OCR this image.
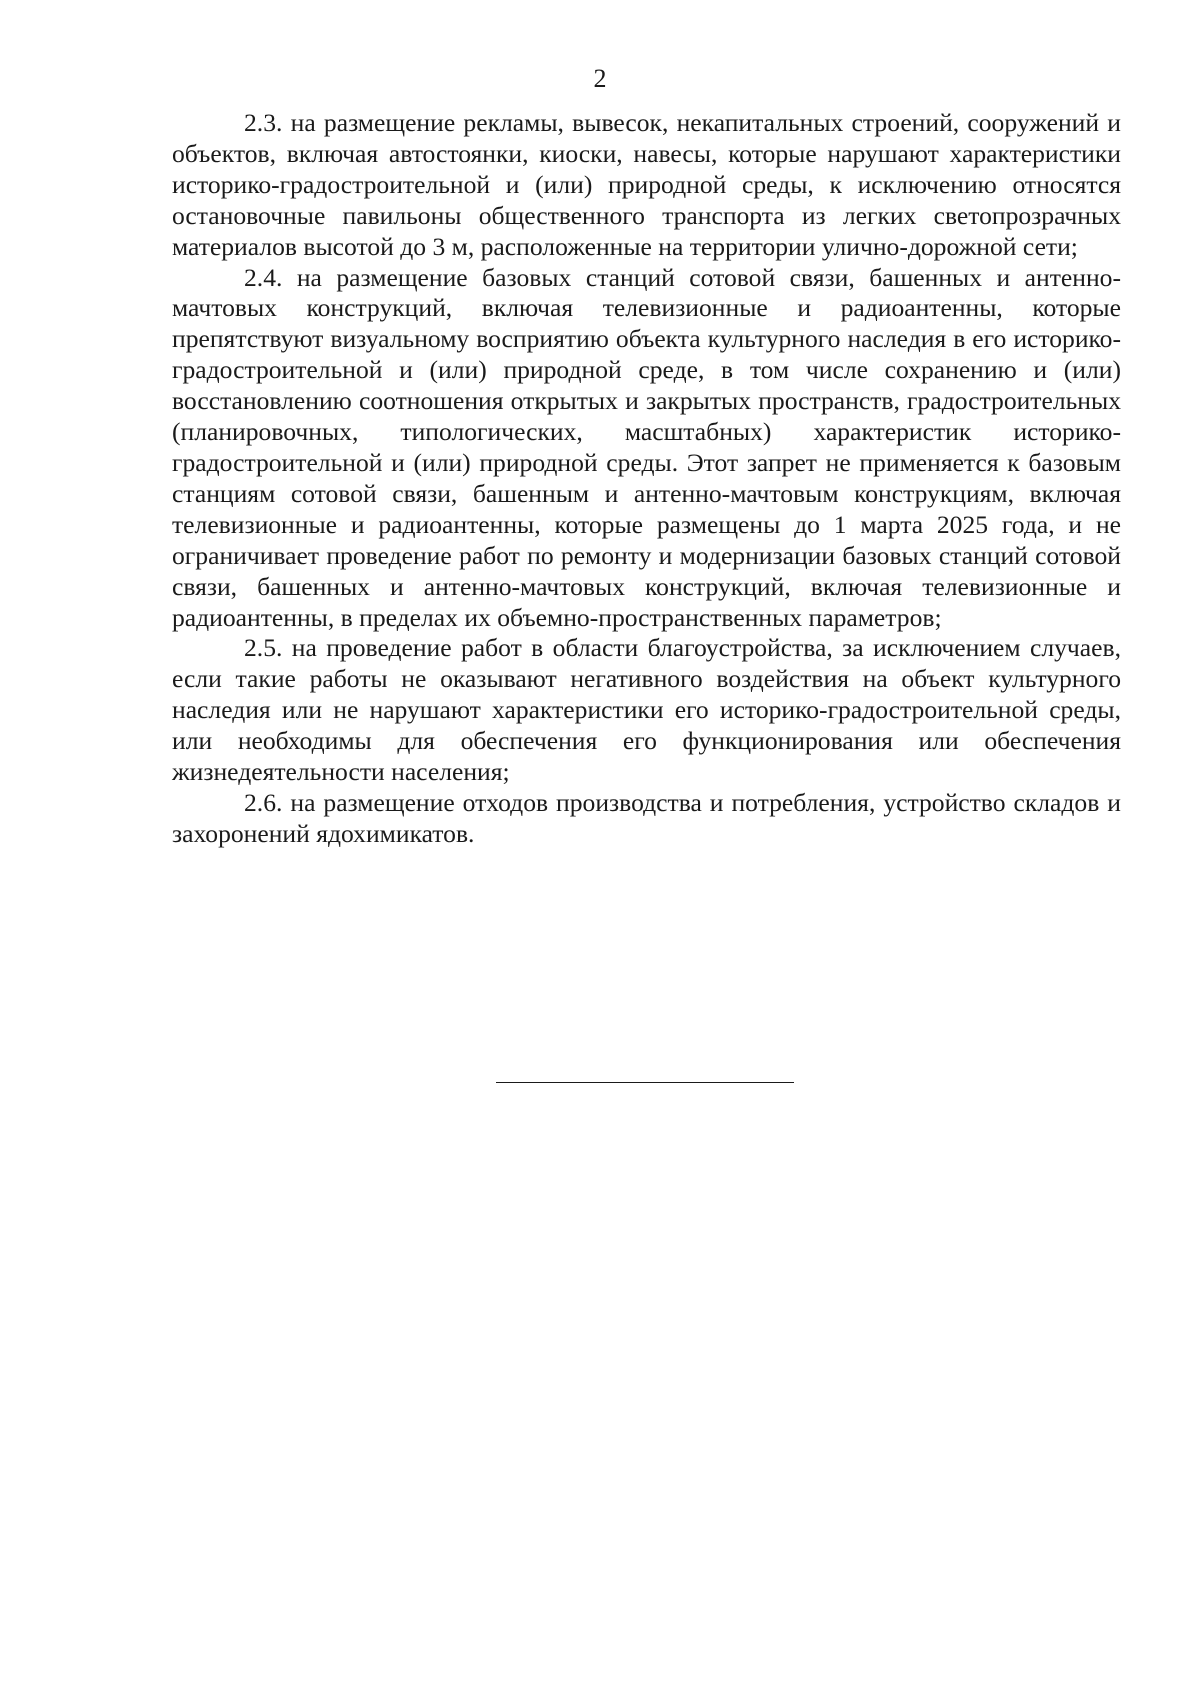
2

2.3. на размещение рекламы, вывесок, некапитальных строений, сооружений и объектов, включая автостоянки, киоски, навесы, которые нарушают характеристики историко-градостроительной и (или) природной среды, к исключению относятся остановочные павильоны общественного транспорта из легких светопрозрачных материалов высотой до 3 м, расположенные на территории улично-дорожной сети;

2.4. на размещение базовых станций сотовой связи, башенных и антенно-мачтовых конструкций, включая телевизионные и радиоантенны, которые препятствуют визуальному восприятию объекта культурного наследия в его историко-градостроительной и (или) природной среде, в том числе сохранению и (или) восстановлению соотношения открытых и закрытых пространств, градостроительных (планировочных, типологических, масштабных) характеристик историко-градостроительной и (или) природной среды. Этот запрет не применяется к базовым станциям сотовой связи, башенным и антенно-мачтовым конструкциям, включая телевизионные и радиоантенны, которые размещены до 1 марта 2025 года, и не ограничивает проведение работ по ремонту и модернизации базовых станций сотовой связи, башенных и антенно-мачтовых конструкций, включая телевизионные и радиоантенны, в пределах их объемно-пространственных параметров;

2.5. на проведение работ в области благоустройства, за исключением случаев, если такие работы не оказывают негативного воздействия на объект культурного наследия или не нарушают характеристики его историко-градостроительной среды, или необходимы для обеспечения его функционирования или обеспечения жизнедеятельности населения;

2.6. на размещение отходов производства и потребления, устройство складов и захоронений ядохимикатов.
